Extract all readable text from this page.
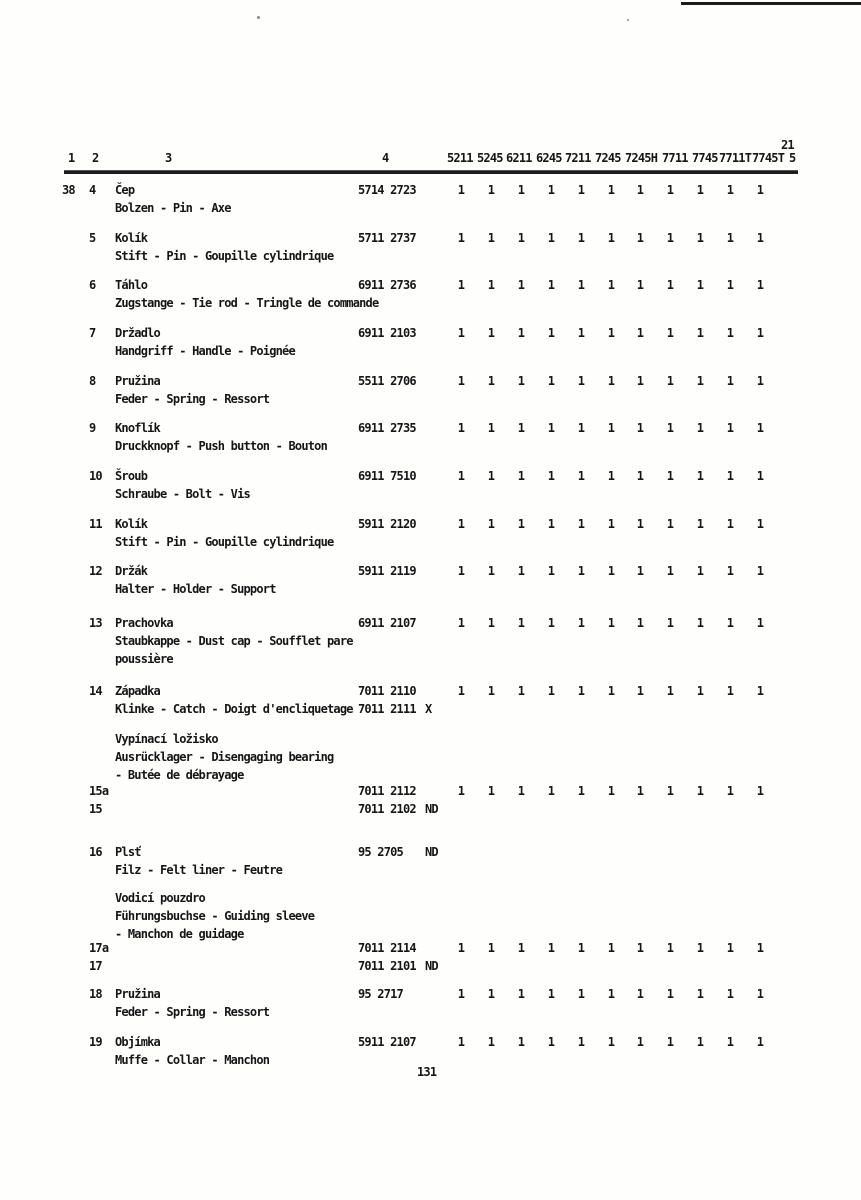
21
1 2	3	4	5211 5245 6211 6245 7211 7245 7245H 7711 7745 7711T 7745T 5
38 4 Čep
Bolzen - Pin - Axe
5714 2723	1	1	1	1	1	1	1	1	1	1	1
5 Kolík
Stift - Pin - Goupille cylindrique
5711 2737	1	1	1	1	1	1	1	1	1	1	1
6 Táhlo
Zugstange - Tie rod - Tringle de commande
6911 2736	1	1	1	1	1	1	1	1	1	1	1
7 Držadlo
Handgriff - Handle - Poignée
6911 2103	1	1	1	1	1	1	1	1	1	1	1
8 Pružina
Feder - Spring - Ressort
5511 2706	1	1	1	1	1	1	1	1	1	1	1
9 Knoflík
Druckknopf - Push button - Bouton
6911 2735	1	1	1	1	1	1	1	1	1	1	1
10 Šroub
Schraube - Bolt - Vis
6911 7510	1	1	1	1	1	1	1	1	1	1	1
11 Kolík
Stift - Pin - Goupille cylindrique
5911 2120	1	1	1	1	1	1	1	1	1	1	1
12 Držák
Halter - Holder - Support
5911 2119	1	1	1	1	1	1	1	1	1	1	1
13 Prachovka
Staubkappe - Dust cap - Soufflet pare
poussière
6911 2107	1	1	1	1	1	1	1	1	1	1	1
14 Západka
Klinke - Catch - Doigt d'encliquetage
7011 2110	1	1	1	1	1	1	1	1	1	1	1
7011 2111 X
Vypínací ložisko
Ausrücklager - Disengaging bearing
- Butée de débrayage
15a	7011 2112	1	1	1	1	1	1	1	1	1	1	1
15	7011 2102 ND
16 Plsť
Filz - Felt liner - Feutre
95 2705 ND
Vodicí pouzdro
Führungsbuchse - Guiding sleeve
- Manchon de guidage
17a	7011 2114	1	1	1	1	1	1	1	1	1	1	1
17	7011 2101 ND
18 Pružina
Feder - Spring - Ressort
95 2717	1	1	1	1	1	1	1	1	1	1	1
19 Objímka
Muffe - Collar - Manchon
5911 2107	1	1	1	1	1	1	1	1	1	1	1
131
